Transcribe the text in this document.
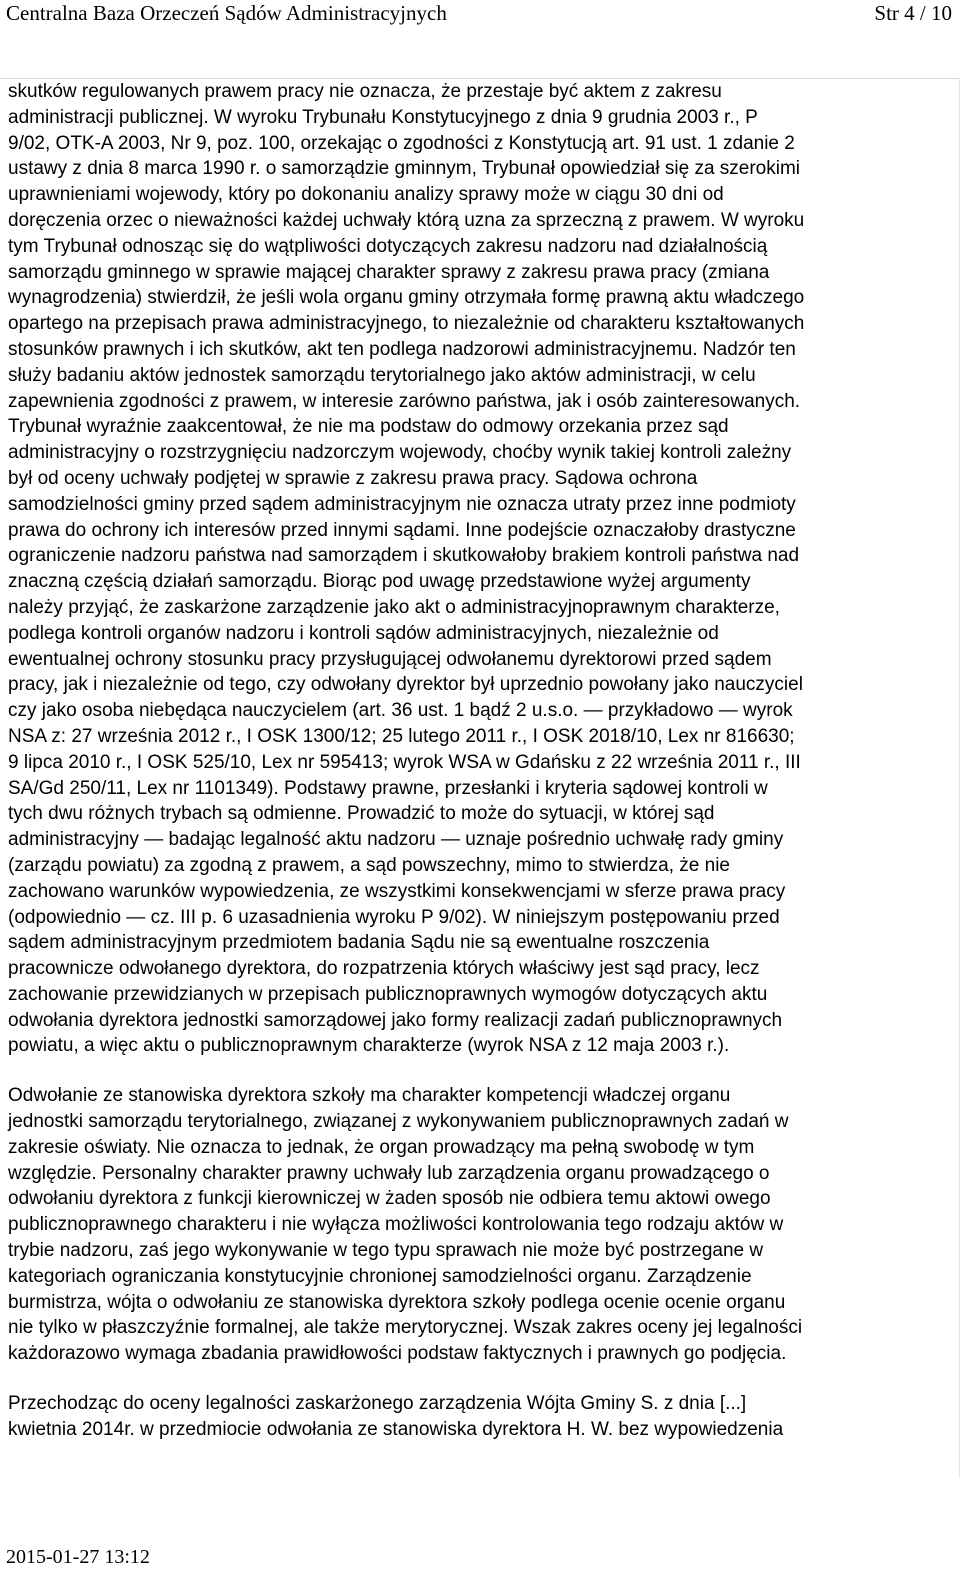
Centralna Baza Orzeczeń Sądów Administracyjnych	Str 4 / 10

skutków regulowanych prawem pracy nie oznacza, że przestaje być aktem z zakresu
administracji publicznej. W wyroku Trybunału Konstytucyjnego z dnia 9 grudnia 2003 r., P
9/02, OTK-A 2003, Nr 9, poz. 100, orzekając o zgodności z Konstytucją art. 91 ust. 1 zdanie 2
ustawy z dnia 8 marca 1990 r. o samorządzie gminnym, Trybunał opowiedział się za szerokimi
uprawnieniami wojewody, który po dokonaniu analizy sprawy może w ciągu 30 dni od
doręczenia orzec o nieważności każdej uchwały którą uzna za sprzeczną z prawem. W wyroku
tym Trybunał odnosząc się do wątpliwości dotyczących zakresu nadzoru nad działalnością
samorządu gminnego w sprawie mającej charakter sprawy z zakresu prawa pracy (zmiana
wynagrodzenia) stwierdził, że jeśli wola organu gminy otrzymała formę prawną aktu władczego
opartego na przepisach prawa administracyjnego, to niezależnie od charakteru kształtowanych
stosunków prawnych i ich skutków, akt ten podlega nadzorowi administracyjnemu. Nadzór ten
służy badaniu aktów jednostek samorządu terytorialnego jako aktów administracji, w celu
zapewnienia zgodności z prawem, w interesie zarówno państwa, jak i osób zainteresowanych.
Trybunał wyraźnie zaakcentował, że nie ma podstaw do odmowy orzekania przez sąd
administracyjny o rozstrzygnięciu nadzorczym wojewody, choćby wynik takiej kontroli zależny
był od oceny uchwały podjętej w sprawie z zakresu prawa pracy. Sądowa ochrona
samodzielności gminy przed sądem administracyjnym nie oznacza utraty przez inne podmioty
prawa do ochrony ich interesów przed innymi sądami. Inne podejście oznaczałoby drastyczne
ograniczenie nadzoru państwa nad samorządem i skutkowałoby brakiem kontroli państwa nad
znaczną częścią działań samorządu. Biorąc pod uwagę przedstawione wyżej argumenty
należy przyjąć, że zaskarżone zarządzenie jako akt o administracyjnoprawnym charakterze,
podlega kontroli organów nadzoru i kontroli sądów administracyjnych, niezależnie od
ewentualnej ochrony stosunku pracy przysługującej odwołanemu dyrektorowi przed sądem
pracy, jak i niezależnie od tego, czy odwołany dyrektor był uprzednio powołany jako nauczyciel
czy jako osoba niebędąca nauczycielem (art. 36 ust. 1 bądź 2 u.s.o. — przykładowo — wyrok
NSA z: 27 września 2012 r., I OSK 1300/12; 25 lutego 2011 r., I OSK 2018/10, Lex nr 816630;
9 lipca 2010 r., I OSK 525/10, Lex nr 595413; wyrok WSA w Gdańsku z 22 września 2011 r., III
SA/Gd 250/11, Lex nr 1101349). Podstawy prawne, przesłanki i kryteria sądowej kontroli w
tych dwu różnych trybach są odmienne. Prowadzić to może do sytuacji, w której sąd
administracyjny — badając legalność aktu nadzoru — uznaje pośrednio uchwałę rady gminy
(zarządu powiatu) za zgodną z prawem, a sąd powszechny, mimo to stwierdza, że nie
zachowano warunków wypowiedzenia, ze wszystkimi konsekwencjami w sferze prawa pracy
(odpowiednio — cz. III p. 6 uzasadnienia wyroku P 9/02). W niniejszym postępowaniu przed
sądem administracyjnym przedmiotem badania Sądu nie są ewentualne roszczenia
pracownicze odwołanego dyrektora, do rozpatrzenia których właściwy jest sąd pracy, lecz
zachowanie przewidzianych w przepisach publicznoprawnych wymogów dotyczących aktu
odwołania dyrektora jednostki samorządowej jako formy realizacji zadań publicznoprawnych
powiatu, a więc aktu o publicznoprawnym charakterze (wyrok NSA z 12 maja 2003 r.).

Odwołanie ze stanowiska dyrektora szkoły ma charakter kompetencji władczej organu
jednostki samorządu terytorialnego, związanej z wykonywaniem publicznoprawnych zadań w
zakresie oświaty. Nie oznacza to jednak, że organ prowadzący ma pełną swobodę w tym
względzie. Personalny charakter prawny uchwały lub zarządzenia organu prowadzącego o
odwołaniu dyrektora z funkcji kierowniczej w żaden sposób nie odbiera temu aktowi owego
publicznoprawnego charakteru i nie wyłącza możliwości kontrolowania tego rodzaju aktów w
trybie nadzoru, zaś jego wykonywanie w tego typu sprawach nie może być postrzegane w
kategoriach ograniczania konstytucyjnie chronionej samodzielności organu. Zarządzenie
burmistrza, wójta o odwołaniu ze stanowiska dyrektora szkoły podlega ocenie ocenie organu
nie tylko w płaszczyźnie formalnej, ale także merytorycznej. Wszak zakres oceny jej legalności
każdorazowo wymaga zbadania prawidłowości podstaw faktycznych i prawnych go podjęcia.

Przechodząc do oceny legalności zaskarżonego zarządzenia Wójta Gminy S. z dnia [...]
kwietnia 2014r. w przedmiocie odwołania ze stanowiska dyrektora H. W. bez wypowiedzenia

2015-01-27 13:12
